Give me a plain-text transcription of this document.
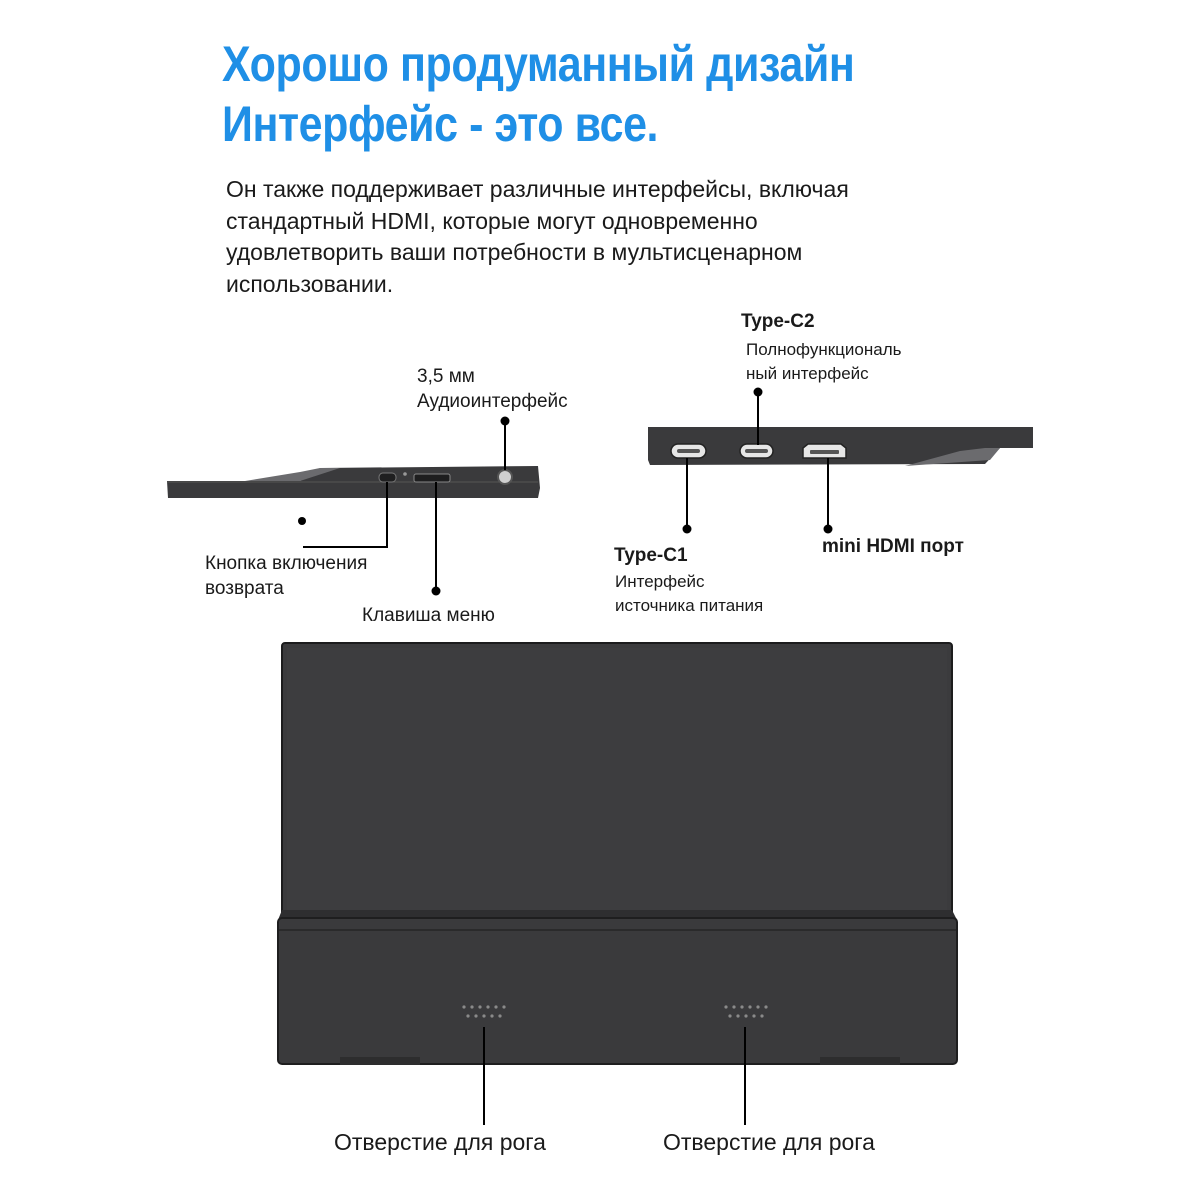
Хорошо продуманный дизайн
Интерфейс - это все.

Он также поддерживает различные интерфейсы, включая
стандартный HDMI, которые могут одновременно
удовлетворить ваши потребности в мультисценарном
использовании.

3,5 мм
Аудиоинтерфейс
Кнопка включения
возврата
Клавиша меню
Type-C2
Полнофункциональ
ный интерфейс
Type-C1
Интерфейс
источника питания
mini HDMI порт
Отверстие для рога	Отверстие для рога
